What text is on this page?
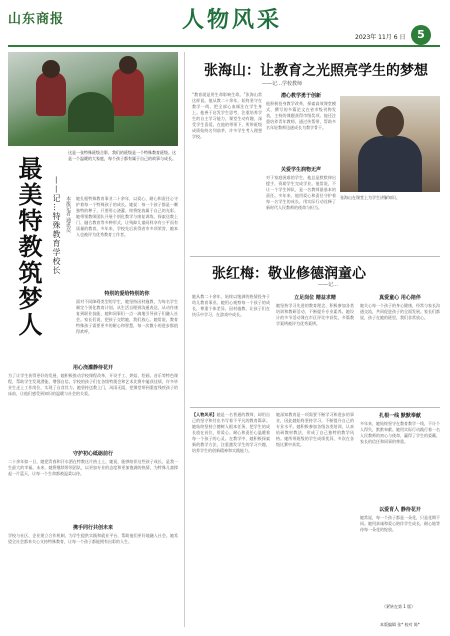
山东商报	人物风采
2023年 11月 6 日	5
这是一张特殊班级合影，我们的班级是一个特殊教育班级。这是一个温暖的大家庭，每个孩子都有属于自己的故事与成长。
最美特教筑梦人	——记…特殊教育学校长 本报记者 通讯员 她扎根特殊教育事业二十余年，以爱心、耐心和责任心守护着每一个特殊孩子的成长。她说：每一个孩子都是一颗独特的种子，只要用心浇灌，终将绽放属于自己的光彩。她带领教师团队开展个别化教学与康复训练，探索送教上门、融合教育等多种形式，让残障儿童同样享有公平而有质量的教育。多年来，学校先后获得省市多项荣誉，她本人也被评为优秀教育工作者。
特别的爱给特别的你
面对不同障碍类型的学生，她坚持因材施教，为每名学生制定个别化教育计划。从生活自理到沟通表达，从动作康复到职业技能，她和同事们一点一滴地引导孩子们融入社会。家长们说，把孩子交给她，我们放心。她常说，教育特殊孩子需要更多的耐心和智慧，每一次微小的进步都值得欢呼。
用心浇灌静待花开
为了让学生获得更好的发展，她积极推动学校课程改革，开设手工、烘焙、绘画、音乐等特色课程，帮助学生发现潜能、增强自信。学校的孩子们在各级特奥会和艺术比赛中屡获佳绩，许多毕业生走上工作岗位，实现了自食其力。她坚持送教上门，风雨无阻，把课堂带到重度残疾孩子的床前，让他们感受到知识的温暖与社会的关爱。
守护初心砥砺前行
二十余年如一日，她把青春和汗水洒在特教这片热土上。她说，能够陪伴这些孩子成长，是我一生最大的幸福。未来，她将继续带领团队，以更加专业的态度和更加饱满的热情，为特殊儿童撑起一片蓝天，让每一个生命都被温柔以待。
携手同行共创未来
学校与社区、企业建立合作机制，为学生提供实践和就业平台，帮助他们更好地融入社会。她希望全社会都来关心支持特殊教育，让每一个孩子都能拥有出彩的人生。
张海山：让教育之光照亮学生的梦想
——记…学校教师
“教育就是用生命影响生命。”张海山常这样说。他从教二十余年，始终坚守在教学一线，把全部心血倾注在学生身上。他善于启发学生思考，注重培养学生的自主学习能力，课堂生动有趣，深受学生喜爱。在他的带领下，所带班级成绩始终名列前茅，许多学生考入理想学校。
潜心教学勇于创新
他积极投身教学改革，探索高效课堂模式，撰写的多篇论文在省市级刊物发表，主持的课题获得市级奖项。他还注重培养青年教师，通过传帮带，帮助多名年轻教师迅速成长为教学骨干。
关爱学生润物无声
对于家庭困难的学生，他总是默默伸出援手，资助学生完成学业。他常说，不让一个学生掉队，是一名教师最基本的责任。多年来，他用爱心和责任守护着每一名学生的成长，用实际行动诠释了新时代人民教师的使命与担当。
张海山在课堂上为学生讲解知识。
张红梅：敬业修德润童心
——记…
她从教二十余年，始终以饱满的热情投身于幼儿教育事业。她用心观察每一个孩子的成长，尊重个体差异，因材施教，让孩子们在快乐中学习，在游戏中成长。
立足岗位 精益求精
她坚持学习先进的教育理念，积极参加各类培训和教研活动，不断提升专业素养。她设计的多节活动课在市区评比中获奖，多篇教学案例被评为优秀案例。
真爱童心 用心陪伴
她关心每一个孩子的身心健康，经常与家长沟通交流，共同促进孩子的全面发展。家长们都说，孩子在她的班里，我们非常放心。
【人物风采】她是一名普通的教师，却用自己的坚守和付出书写着不平凡的教育篇章。她始终坚持立德树人根本任务，把学生的成长放在首位，用爱心、耐心和责任心温暖着每一个孩子的心灵。在教学中，她积极探索新的教学方法，注重激发学生的学习兴趣，培养学生的创新精神和实践能力。
她深知教育是一项需要不断学习和进步的事业，因此她始终坚持学习，不断提升自己的专业水平。她积极参加各级各类培训，认真钻研教材教法，形成了自己独特的教学风格。她所带班级的学生成绩优异，多次在各级比赛中获奖。
扎根一线 默默奉献
多年来，她始终坚守在教育教学一线，不计个人得失，默默奉献。她用实际行动践行着一名人民教师的初心与使命，赢得了学生的爱戴、家长的信任和同事的尊重。
以爱育人 静待花开
她常说，每一个孩子都是一朵花，只是花期不同。她用真诚和爱心陪伴学生成长，耐心地等待每一朵花的绽放。
（紧转在第 1 版）
本版编辑 张* 校对 陈*
